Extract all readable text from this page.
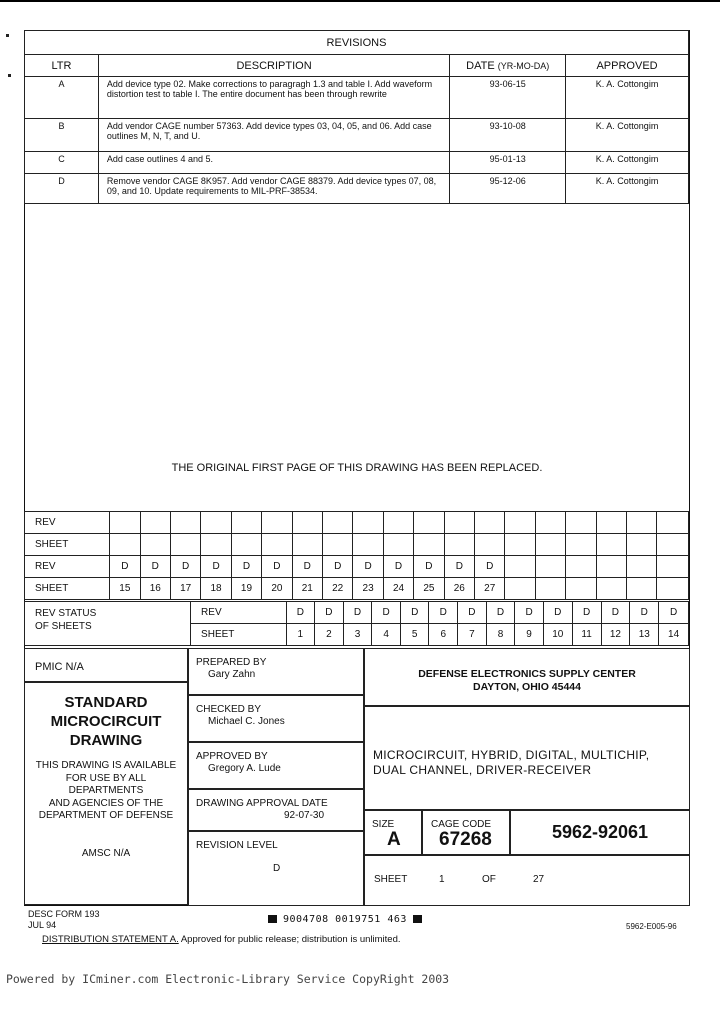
REVISIONS			
LTR	DESCRIPTION	DATE (YR-MO-DA)	APPROVED
A	Add device type 02. Make corrections to paragragh 1.3 and table I. Add waveform distortion test to table I. The entire document has been through rewrite	93-06-15	K. A. Cottongim
B	Add vendor CAGE number 57363. Add device types 03, 04, 05, and 06. Add case outlines M, N, T, and U.	93-10-08	K. A. Cottongim
C	Add case outlines 4 and 5.	95-01-13	K. A. Cottongim
D	Remove vendor CAGE 8K957. Add vendor CAGE 88379. Add device types 07, 08, 09, and 10. Update requirements to MIL-PRF-38534.	95-12-06	K. A. Cottongim
THE ORIGINAL FIRST PAGE OF THIS DRAWING HAS BEEN REPLACED.
REV																			
SHEET																			
REV	D	D	D	D	D	D	D	D	D	D	D	D	D						
SHEET	15	16	17	18	19	20	21	22	23	24	25	26	27						
REV STATUS
OF SHEETS	REV	D	D	D	D	D	D	D	D	D	D	D	D	D	D
	SHEET	1	2	3	4	5	6	7	8	9	10	11	12	13	14
PMIC N/A
STANDARD
MICROCIRCUIT
DRAWING
THIS DRAWING IS AVAILABLE
FOR USE BY ALL
DEPARTMENTS
AND AGENCIES OF THE
DEPARTMENT OF DEFENSE
AMSC N/A
PREPARED BY
Gary Zahn
CHECKED BY
Michael C. Jones
APPROVED BY
Gregory A. Lude
DRAWING APPROVAL DATE
92-07-30
REVISION LEVEL
D
DEFENSE ELECTRONICS SUPPLY CENTER
DAYTON, OHIO 45444
MICROCIRCUIT, HYBRID, DIGITAL, MULTICHIP,
DUAL CHANNEL, DRIVER-RECEIVER
SIZE
A
CAGE CODE
67268	5962-92061
SHEET	1	OF	27
DESC FORM 193
JUL 94	9004708 0019751 463
5962-E005-96
DISTRIBUTION STATEMENT A. Approved for public release; distribution is unlimited.
Powered by ICminer.com Electronic-Library Service CopyRight 2003
